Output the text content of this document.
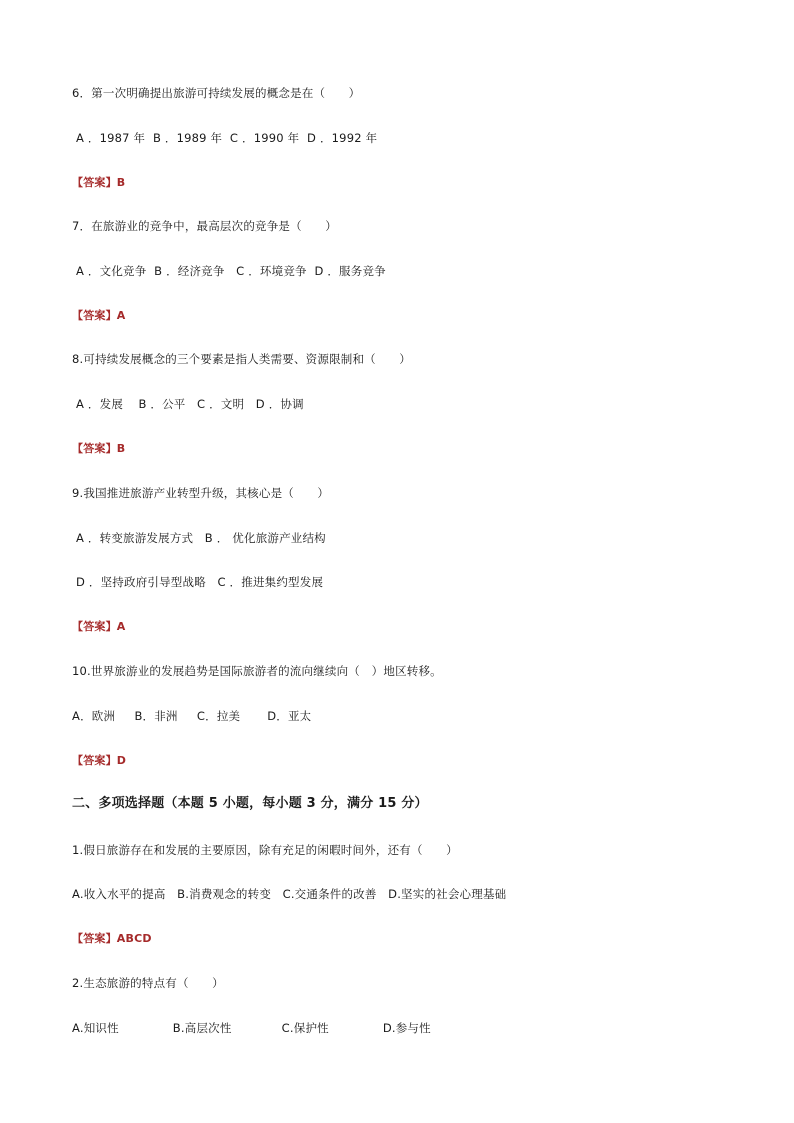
6．第一次明确提出旅游可持续发展的概念是在（　　）
A ．1987 年  B ．1989 年  C ．1990 年  D ．1992 年
【答案】B
7．在旅游业的竞争中，最高层次的竞争是（　　）
A ．文化竞争  B ．经济竞争   C ．环境竞争  D ．服务竞争
【答案】A
8.可持续发展概念的三个要素是指人类需要、资源限制和（　　）
A ．发展    B ．公平   C ．文明   D ．协调
【答案】B
9.我国推进旅游产业转型升级，其核心是（　　）
A ．转变旅游发展方式   B ． 优化旅游产业结构
D ．坚持政府引导型战略   C ．推进集约型发展
【答案】A
10.世界旅游业的发展趋势是国际旅游者的流向继续向（　）地区转移。
A．欧洲     B．非洲     C．拉美       D．亚太
【答案】D
二、多项选择题（本题 5 小题，每小题 3 分，满分 15 分）
1.假日旅游存在和发展的主要原因，除有充足的闲暇时间外，还有（　　）
A.收入水平的提高   B.消费观念的转变   C.交通条件的改善   D.坚实的社会心理基础
【答案】ABCD
2.生态旅游的特点有（　　）
A.知识性              B.高层次性             C.保护性              D.参与性
